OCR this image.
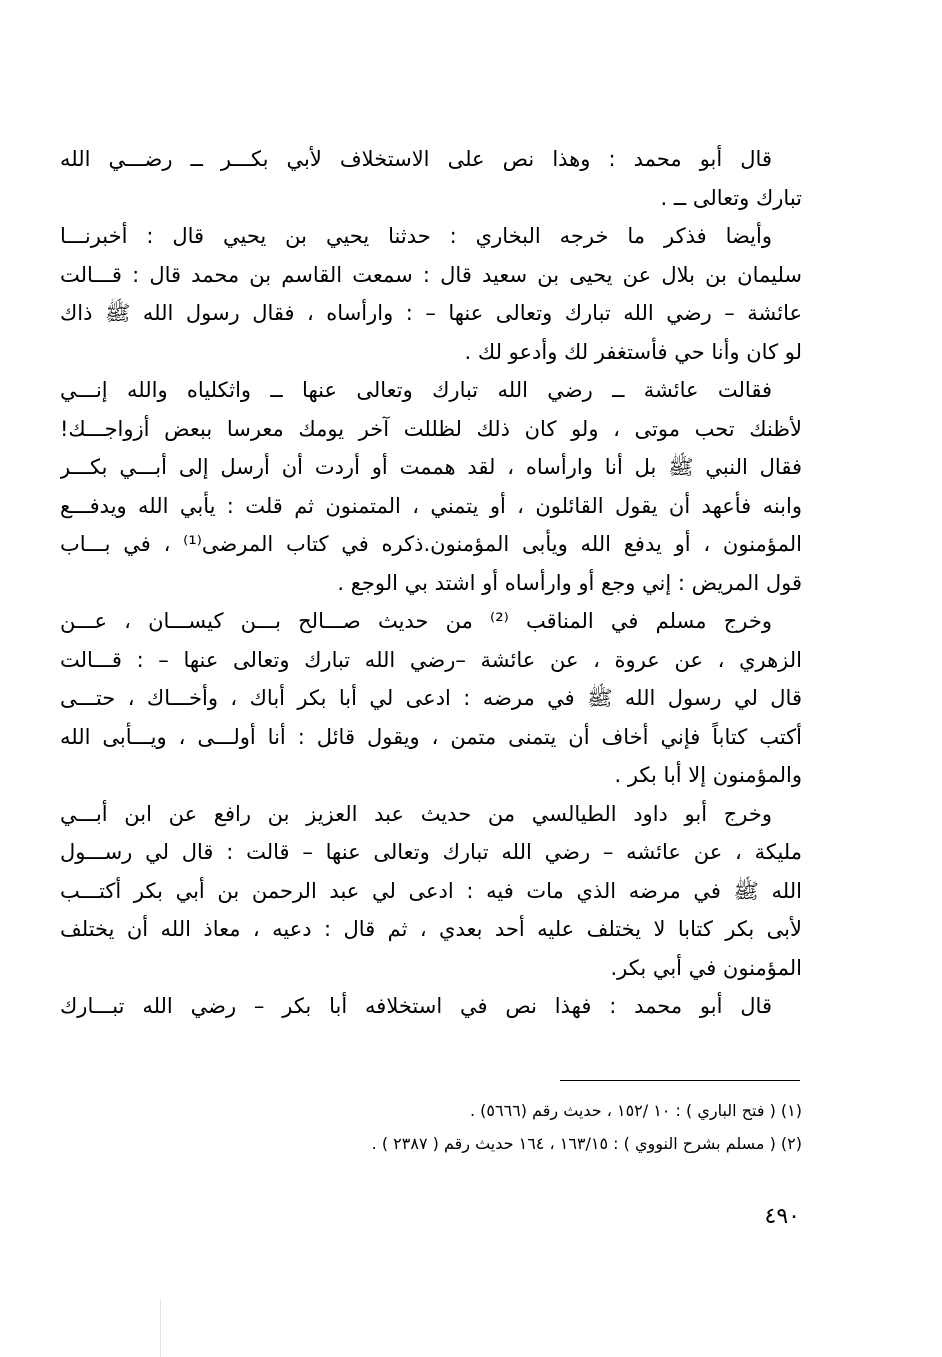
قال أبو محمد : وهذا نص على الاستخلاف لأبي بكـــر ــ رضـــي الله
تبارك وتعالى ــ .
وأيضا فذكر ما خرجه البخاري : حدثنا يحيي بن يحيي قال : أخبرنـــا
سليمان بن بلال عن يحيى بن سعيد قال : سمعت القاسم بن محمد قال : قـــالت
عائشة – رضي الله تبارك وتعالى عنها – : وارأساه ، فقال رسول الله ﷺ ذاك
لو كان وأنا حي فأستغفر لك وأدعو لك .
فقالت عائشة ــ رضي الله تبارك وتعالى عنها ــ واثكلياه والله إنـــي
لأظنك تحب موتى ، ولو كان ذلك لظللت آخر يومك معرسا ببعض أزواجـــك!
فقال النبي ﷺ بل أنا وارأساه ، لقد هممت أو أردت أن أرسل إلى أبـــي بكـــر
وابنه فأعهد أن يقول القائلون ، أو يتمني ، المتمنون ثم قلت : يأبي الله ويدفـــع
المؤمنون ، أو يدفع الله ويأبى المؤمنون.ذكره في كتاب المرضى⁽¹⁾ ، في بـــاب
قول المريض : إني وجع أو وارأساه أو اشتد بي الوجع .
وخرج مسلم في المناقب ⁽²⁾ من حديث صـــالح بـــن كيســـان ، عـــن
الزهري ، عن عروة ، عن عائشة –رضي الله تبارك وتعالى عنها – : قـــالت
قال لي رسول الله ﷺ في مرضه : ادعى لي أبا بكر أباك ، وأخـــاك ، حتـــى
أكتب كتاباً فإني أخاف أن يتمنى متمن ، ويقول قائل : أنا أولـــى ، ويـــأبى الله
والمؤمنون إلا أبا بكر .
وخرج أبو داود الطيالسي من حديث عبد العزيز بن رافع عن ابن أبـــي
مليكة ، عن عائشه – رضي الله تبارك وتعالى عنها – قالت : قال لي رســـول
الله ﷺ في مرضه الذي مات فيه : ادعى لي عبد الرحمن بن أبي بكر أكتـــب
لأبى بكر كتابا لا يختلف عليه أحد بعدي ، ثم قال : دعيه ، معاذ الله أن يختلف
المؤمنون في أبي بكر.
قال أبو محمد : فهذا نص في استخلافه أبا بكر – رضي الله تبـــارك
(١) ( فتح الباري ) : ١٠ /١٥٢ ، حديث رقم (٥٦٦٦) .
(٢) ( مسلم بشرح النووي ) : ١٦٣/١٥ ، ١٦٤ حديث رقم ( ٢٣٨٧ ) .
٤٩٠
